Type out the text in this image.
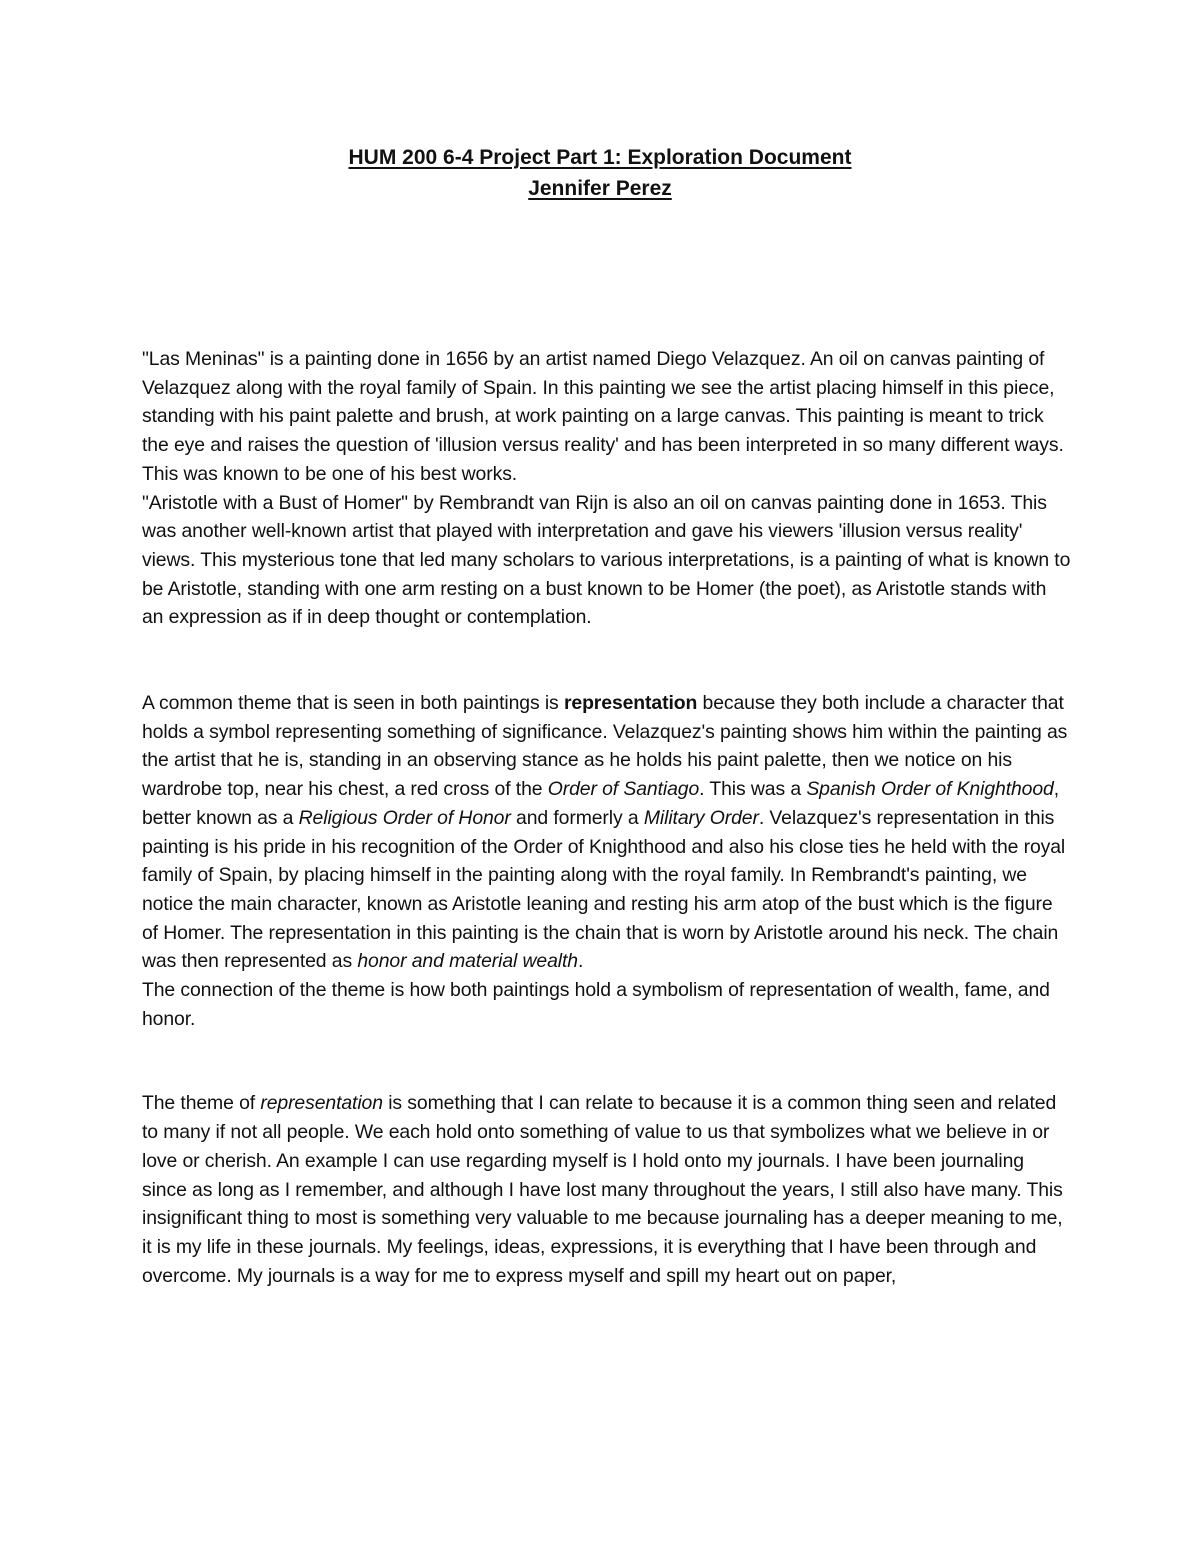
HUM 200 6-4 Project Part 1: Exploration Document
Jennifer Perez

"Las Meninas" is a painting done in 1656 by an artist named Diego Velazquez. An oil on canvas painting of Velazquez along with the royal family of Spain. In this painting we see the artist placing himself in this piece, standing with his paint palette and brush, at work painting on a large canvas. This painting is meant to trick the eye and raises the question of 'illusion versus reality' and has been interpreted in so many different ways. This was known to be one of his best works.

"Aristotle with a Bust of Homer" by Rembrandt van Rijn is also an oil on canvas painting done in 1653. This was another well-known artist that played with interpretation and gave his viewers 'illusion versus reality' views. This mysterious tone that led many scholars to various interpretations, is a painting of what is known to be Aristotle, standing with one arm resting on a bust known to be Homer (the poet), as Aristotle stands with an expression as if in deep thought or contemplation.

A common theme that is seen in both paintings is representation because they both include a character that holds a symbol representing something of significance. Velazquez's painting shows him within the painting as the artist that he is, standing in an observing stance as he holds his paint palette, then we notice on his wardrobe top, near his chest, a red cross of the Order of Santiago. This was a Spanish Order of Knighthood, better known as a Religious Order of Honor and formerly a Military Order. Velazquez's representation in this painting is his pride in his recognition of the Order of Knighthood and also his close ties he held with the royal family of Spain, by placing himself in the painting along with the royal family. In Rembrandt's painting, we notice the main character, known as Aristotle leaning and resting his arm atop of the bust which is the figure of Homer. The representation in this painting is the chain that is worn by Aristotle around his neck. The chain was then represented as honor and material wealth.

The connection of the theme is how both paintings hold a symbolism of representation of wealth, fame, and honor.

The theme of representation is something that I can relate to because it is a common thing seen and related to many if not all people. We each hold onto something of value to us that symbolizes what we believe in or love or cherish. An example I can use regarding myself is I hold onto my journals. I have been journaling since as long as I remember, and although I have lost many throughout the years, I still also have many. This insignificant thing to most is something very valuable to me because journaling has a deeper meaning to me, it is my life in these journals. My feelings, ideas, expressions, it is everything that I have been through and overcome. My journals is a way for me to express myself and spill my heart out on paper,
